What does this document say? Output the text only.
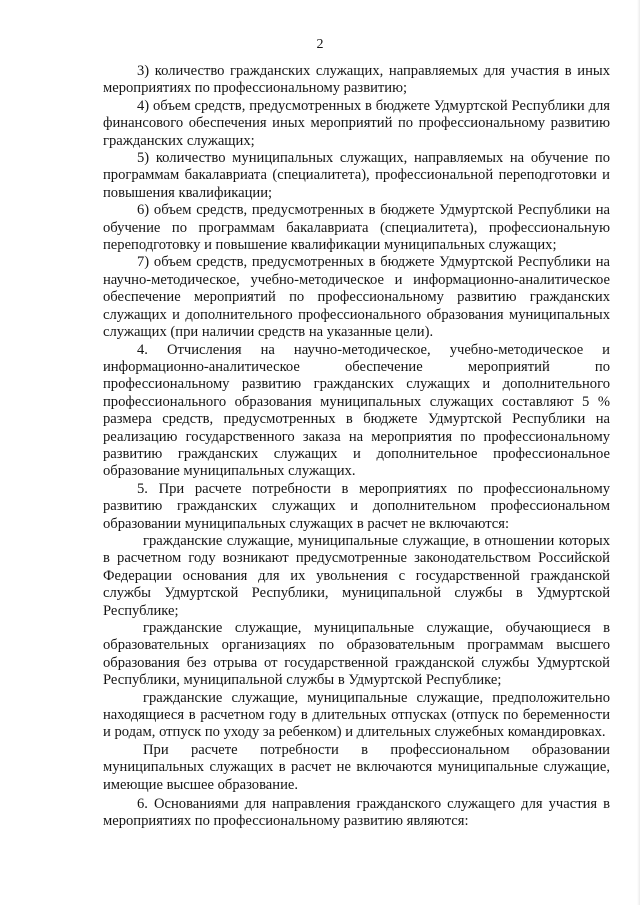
2

3) количество гражданских служащих, направляемых для участия в иных мероприятиях по профессиональному развитию;

4) объем средств, предусмотренных в бюджете Удмуртской Республики для финансового обеспечения иных мероприятий по профессиональному развитию гражданских служащих;

5) количество муниципальных служащих, направляемых на обучение по программам бакалавриата (специалитета), профессиональной переподготовки и повышения квалификации;

6) объем средств, предусмотренных в бюджете Удмуртской Республики на обучение по программам бакалавриата (специалитета), профессиональную переподготовку и повышение квалификации муниципальных служащих;

7) объем средств, предусмотренных в бюджете Удмуртской Республики на научно-методическое, учебно-методическое и информационно-аналитическое обеспечение мероприятий по профессиональному развитию гражданских служащих и дополнительного профессионального образования муниципальных служащих (при наличии средств на указанные цели).

4. Отчисления на научно-методическое, учебно-методическое и информационно-аналитическое обеспечение мероприятий по профессиональному развитию гражданских служащих и дополнительного профессионального образования муниципальных служащих составляют 5 % размера средств, предусмотренных в бюджете Удмуртской Республики на реализацию государственного заказа на мероприятия по профессиональному развитию гражданских служащих и дополнительное профессиональное образование муниципальных служащих.

5. При расчете потребности в мероприятиях по профессиональному развитию гражданских служащих и дополнительном профессиональном образовании муниципальных служащих в расчет не включаются:

гражданские служащие, муниципальные служащие, в отношении которых в расчетном году возникают предусмотренные законодательством Российской Федерации основания для их увольнения с государственной гражданской службы Удмуртской Республики, муниципальной службы в Удмуртской Республике;

гражданские служащие, муниципальные служащие, обучающиеся в образовательных организациях по образовательным программам высшего образования без отрыва от государственной гражданской службы Удмуртской Республики, муниципальной службы в Удмуртской Республике;

гражданские служащие, муниципальные служащие, предположительно находящиеся в расчетном году в длительных отпусках (отпуск по беременности и родам, отпуск по уходу за ребенком) и длительных служебных командировках.

При расчете потребности в профессиональном образовании муниципальных служащих в расчет не включаются муниципальные служащие, имеющие высшее образование.

6. Основаниями для направления гражданского служащего для участия в мероприятиях по профессиональному развитию являются:
